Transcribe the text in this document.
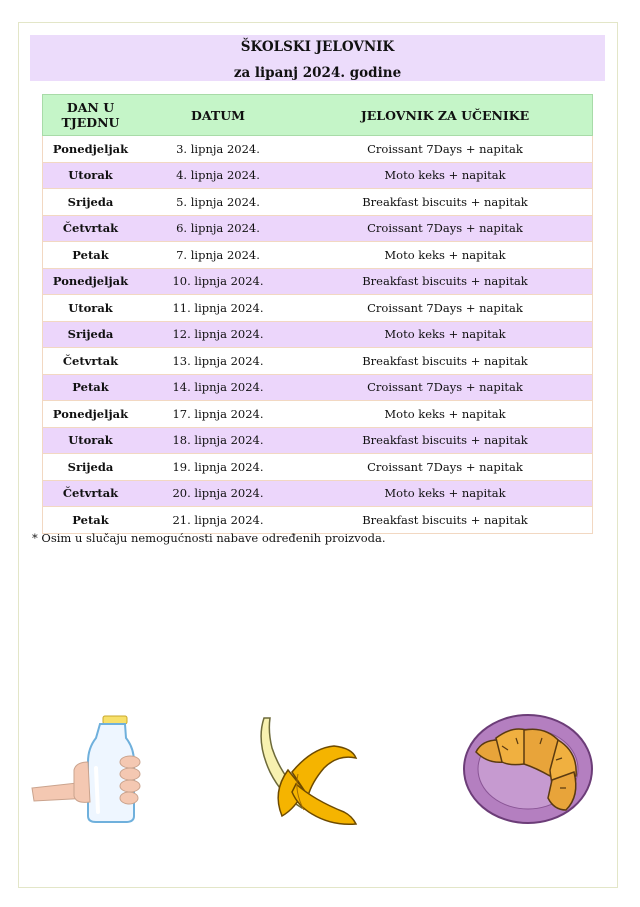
ŠKOLSKI JELOVNIK
za lipanj 2024. godine
DAN U TJEDNU	DATUM	JELOVNIK ZA UČENIKE
Ponedjeljak	3. lipnja 2024.	Croissant 7Days + napitak
Utorak	4. lipnja 2024.	Moto keks + napitak
Srijeda	5. lipnja 2024.	Breakfast biscuits + napitak
Četvrtak	6. lipnja 2024.	Croissant 7Days + napitak
Petak	7. lipnja 2024.	Moto keks + napitak
Ponedjeljak	10. lipnja 2024.	Breakfast biscuits + napitak
Utorak	11. lipnja 2024.	Croissant 7Days + napitak
Srijeda	12. lipnja 2024.	Moto keks + napitak
Četvrtak	13. lipnja 2024.	Breakfast biscuits + napitak
Petak	14. lipnja 2024.	Croissant 7Days + napitak
Ponedjeljak	17. lipnja 2024.	Moto keks + napitak
Utorak	18. lipnja 2024.	Breakfast biscuits + napitak
Srijeda	19. lipnja 2024.	Croissant 7Days + napitak
Četvrtak	20. lipnja 2024.	Moto keks + napitak
Petak	21. lipnja 2024.	Breakfast biscuits + napitak
* Osim u slučaju nemogućnosti nabave određenih proizvoda.
